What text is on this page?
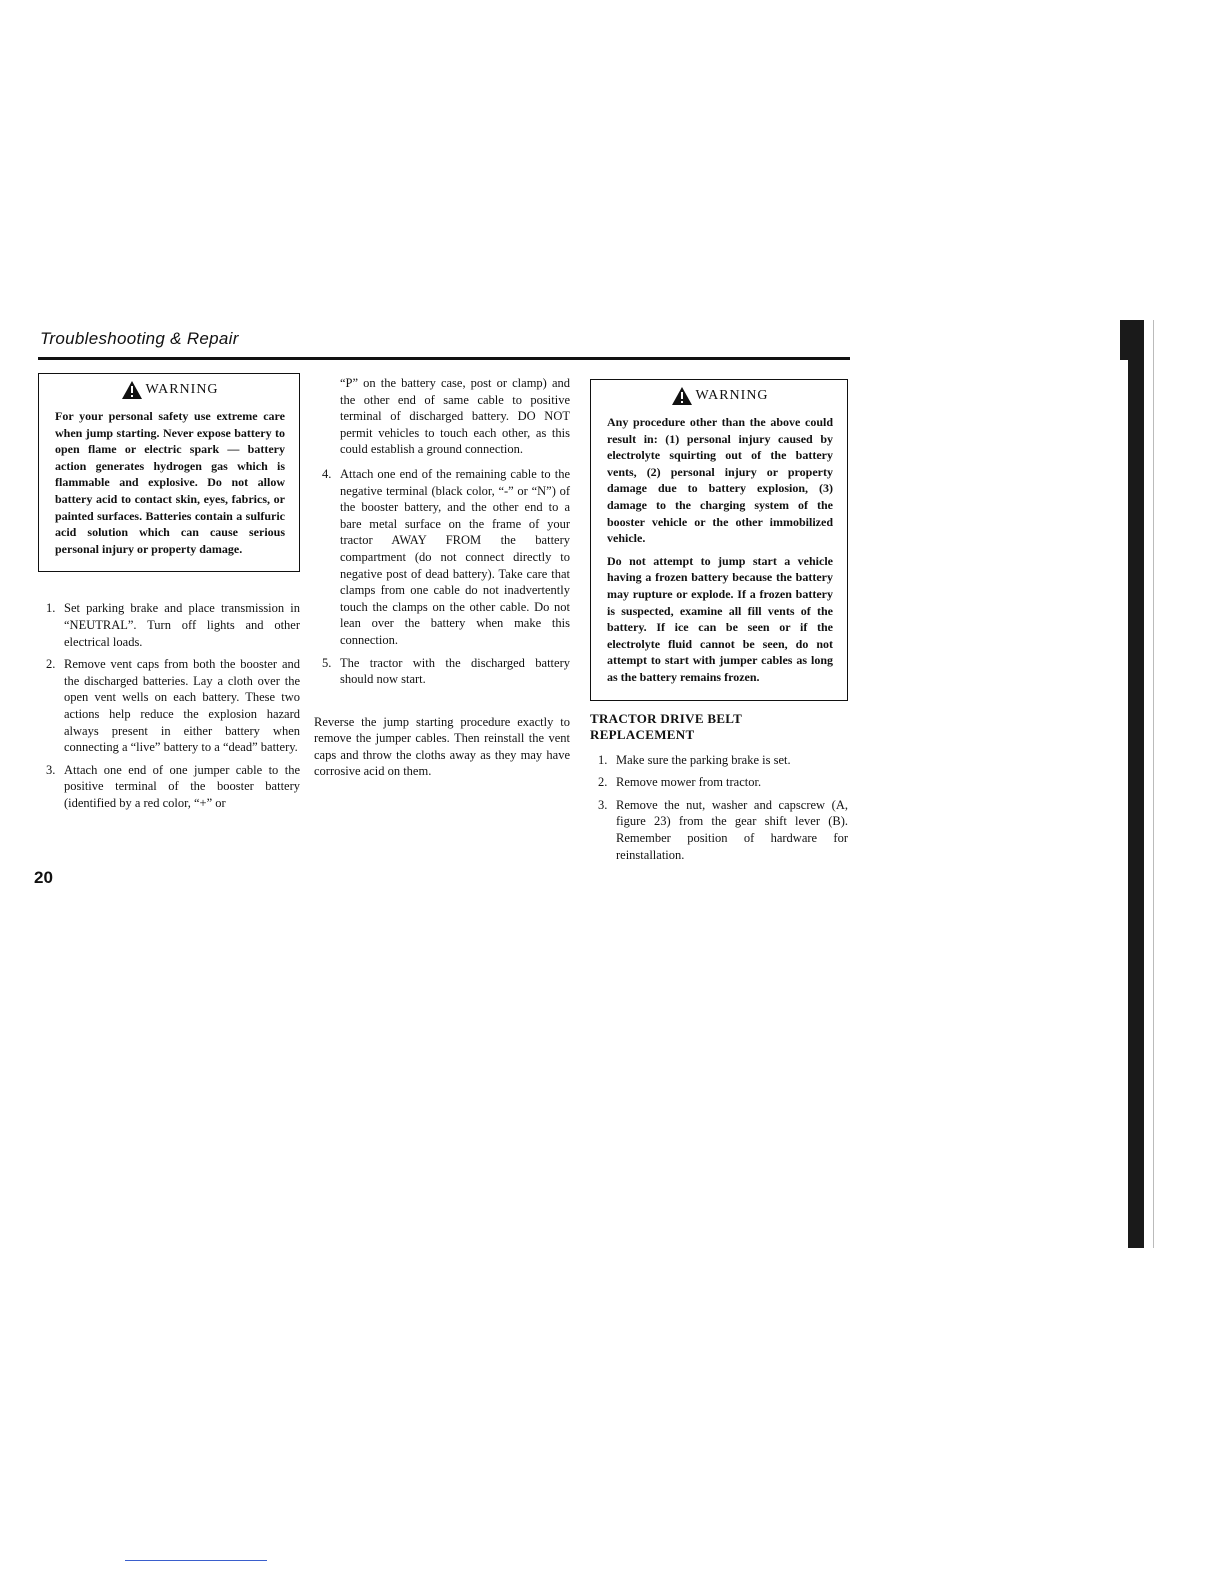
Troubleshooting & Repair
WARNING

For your personal safety use extreme care when jump starting. Never expose battery to open flame or electric spark — battery action generates hydrogen gas which is flammable and explosive. Do not allow battery acid to contact skin, eyes, fabrics, or painted surfaces. Batteries contain a sulfuric acid solution which can cause serious personal injury or property damage.

1. Set parking brake and place transmission in “NEUTRAL”. Turn off lights and other electrical loads.
2. Remove vent caps from both the booster and the discharged batteries. Lay a cloth over the open vent wells on each battery. These two actions help reduce the explosion hazard always present in either battery when connecting a “live” battery to a “dead” battery.
3. Attach one end of one jumper cable to the positive terminal of the booster battery (identified by a red color, “+” or

“P” on the battery case, post or clamp) and the other end of same cable to positive terminal of discharged battery. DO NOT permit vehicles to touch each other, as this could establish a ground connection.

4. Attach one end of the remaining cable to the negative terminal (black color, “-” or “N”) of the booster battery, and the other end to a bare metal surface on the frame of your tractor AWAY FROM the battery compartment (do not connect directly to negative post of dead battery). Take care that clamps from one cable do not inadvertently touch the clamps on the other cable. Do not lean over the battery when make this connection.
5. The tractor with the discharged battery should now start.

Reverse the jump starting procedure exactly to remove the jumper cables. Then reinstall the vent caps and throw the cloths away as they may have corrosive acid on them.

WARNING

Any procedure other than the above could result in: (1) personal injury caused by electrolyte squirting out of the battery vents, (2) personal injury or property damage due to battery explosion, (3) damage to the charging system of the booster vehicle or the other immobilized vehicle.

Do not attempt to jump start a vehicle having a frozen battery because the battery may rupture or explode. If a frozen battery is suspected, examine all fill vents of the battery. If ice can be seen or if the electrolyte fluid cannot be seen, do not attempt to start with jumper cables as long as the battery remains frozen.

TRACTOR DRIVE BELT REPLACEMENT
1. Make sure the parking brake is set.
2. Remove mower from tractor.
3. Remove the nut, washer and capscrew (A, figure 23) from the gear shift lever (B). Remember position of hardware for reinstallation.
20
